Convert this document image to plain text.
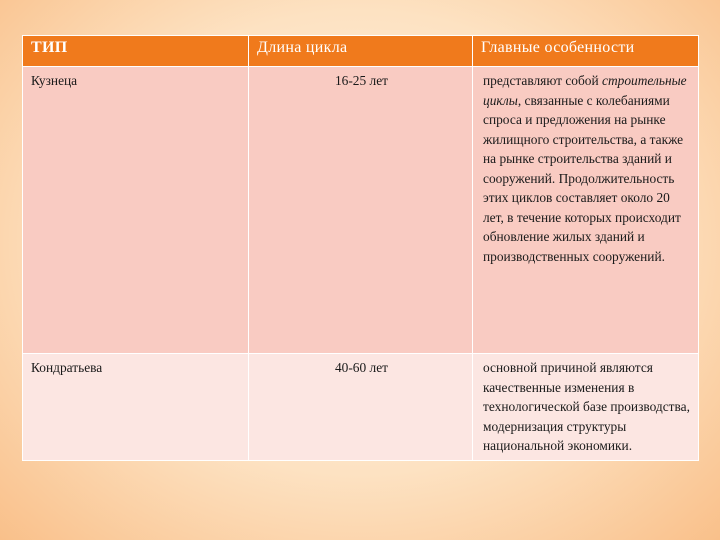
ТИП	Длина цикла	Главные особенности
Кузнеца	16-25 лет	представляют собой строительные циклы, связанные с колебаниями спроса и предложения на рынке жилищного строительства, а также на рынке строительства зданий и сооружений. Продолжительность этих циклов составляет около 20 лет, в течение которых происходит обновление жилых зданий и производственных сооружений.
Кондратьева	40-60 лет	основной причиной являются качественные изменения в технологической базе производства, модернизация структуры национальной экономики.
